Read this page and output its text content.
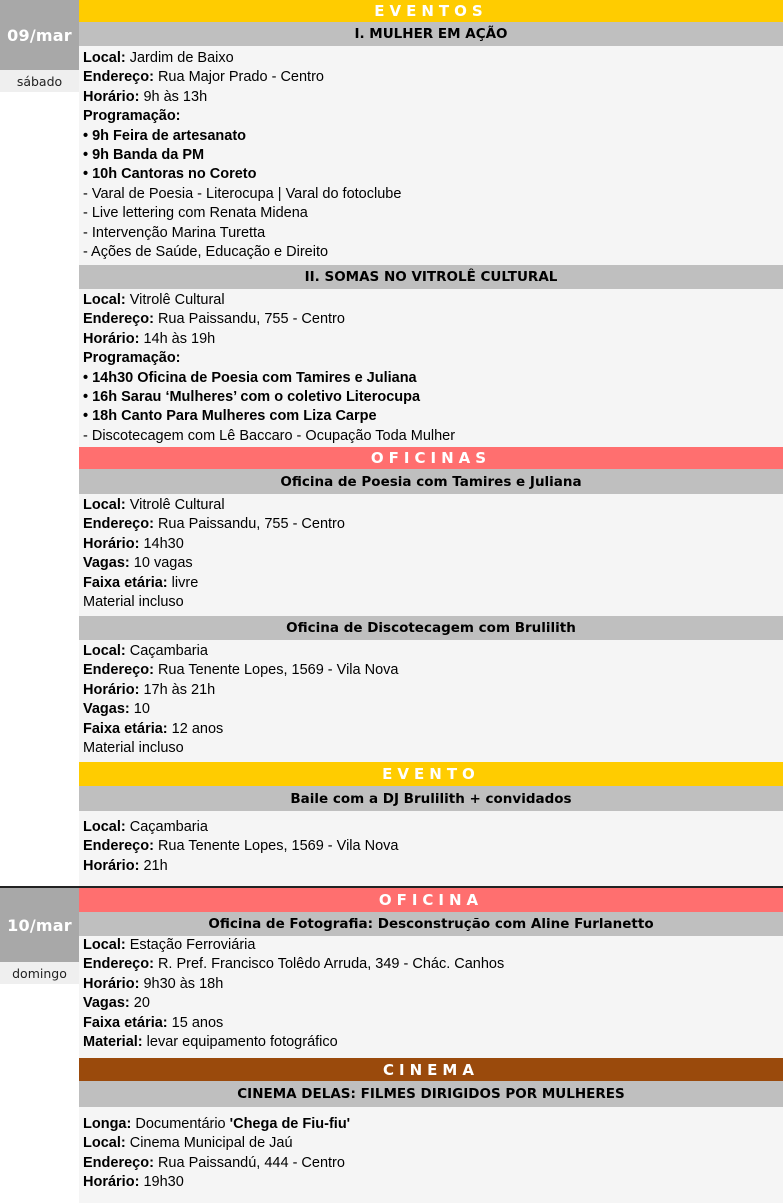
09/mar
sábado
EVENTOS
I. MULHER EM AÇÃO
Local: Jardim de Baixo
Endereço: Rua Major Prado - Centro
Horário: 9h às 13h
Programação:
• 9h Feira de artesanato
• 9h Banda da PM
• 10h Cantoras no Coreto
- Varal de Poesia - Literocupa | Varal do fotoclube
- Live lettering com Renata Midena
- Intervenção Marina Turetta
- Ações de Saúde, Educação e Direito
II. SOMAS NO VITROLÊ CULTURAL
Local: Vitrolê Cultural
Endereço: Rua Paissandu, 755 - Centro
Horário: 14h às 19h
Programação:
• 14h30 Oficina de Poesia com Tamires e Juliana
• 16h Sarau ‘Mulheres’ com o coletivo Literocupa
• 18h Canto Para Mulheres com Liza Carpe
- Discotecagem com Lê Baccaro - Ocupação Toda Mulher
OFICINAS
Oficina de Poesia com Tamires e Juliana
Local: Vitrolê Cultural
Endereço: Rua Paissandu, 755 - Centro
Horário: 14h30
Vagas: 10 vagas
Faixa etária: livre
Material incluso
Oficina de Discotecagem com Brulilith
Local: Caçambaria
Endereço: Rua Tenente Lopes, 1569 - Vila Nova
Horário: 17h às 21h
Vagas: 10
Faixa etária: 12 anos
Material incluso
EVENTO
Baile com a DJ Brulilith + convidados
Local: Caçambaria
Endereço: Rua Tenente Lopes, 1569 - Vila Nova
Horário: 21h
10/mar
domingo
OFICINA
Oficina de Fotografia: Desconstrução com Aline Furlanetto
Local: Estação Ferroviária
Endereço: R. Pref. Francisco Tolêdo Arruda, 349 - Chác. Canhos
Horário: 9h30 às 18h
Vagas: 20
Faixa etária: 15 anos
Material: levar equipamento fotográfico
CINEMA
CINEMA DELAS: FILMES DIRIGIDOS POR MULHERES
Longa: Documentário 'Chega de Fiu-fiu'
Local: Cinema Municipal de Jaú
Endereço: Rua Paissandú, 444 - Centro
Horário: 19h30
